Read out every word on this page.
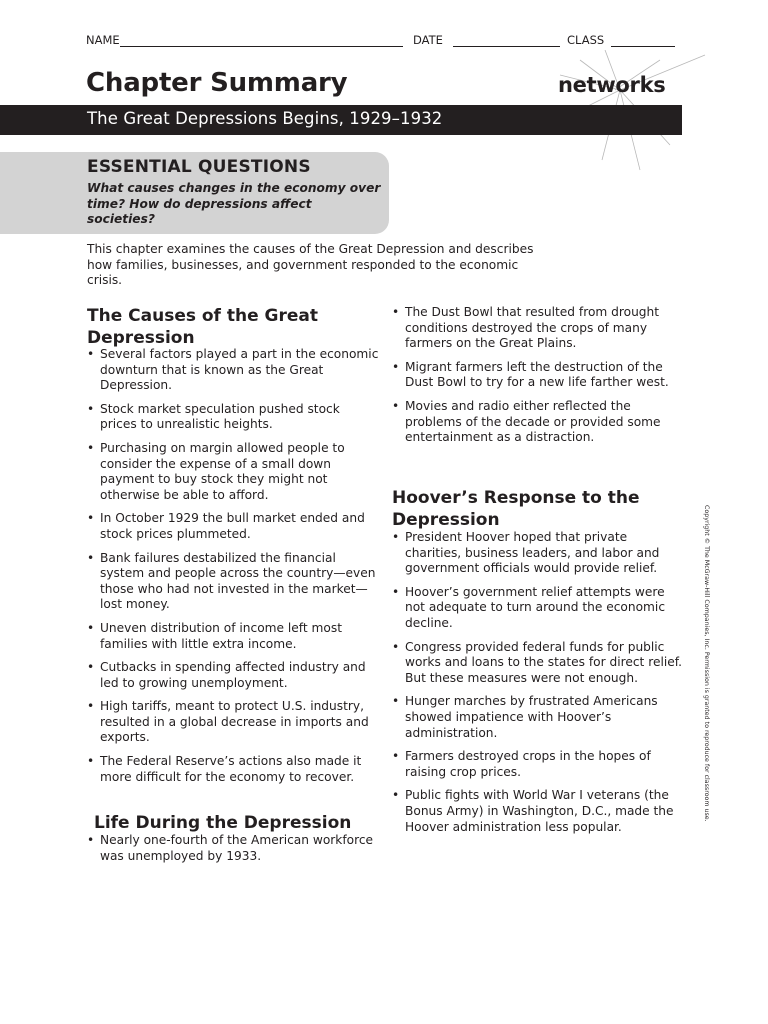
NAME	DATE	CLASS
Chapter Summary	networks
The Great Depressions Begins, 1929–1932
ESSENTIAL QUESTIONS
What causes changes in the economy over time? How do depressions affect societies?
This chapter examines the causes of the Great Depression and describes how families, businesses, and government responded to the economic crisis.
The Causes of the Great Depression
• Several factors played a part in the economic downturn that is known as the Great Depression.
• Stock market speculation pushed stock prices to unrealistic heights.
• Purchasing on margin allowed people to consider the expense of a small down payment to buy stock they might not otherwise be able to afford.
• In October 1929 the bull market ended and stock prices plummeted.
• Bank failures destabilized the financial system and people across the country—even those who had not invested in the market—lost money.
• Uneven distribution of income left most families with little extra income.
• Cutbacks in spending affected industry and led to growing unemployment.
• High tariffs, meant to protect U.S. industry, resulted in a global decrease in imports and exports.
• The Federal Reserve’s actions also made it more difficult for the economy to recover.
Life During the Depression
• Nearly one-fourth of the American workforce was unemployed by 1933.
• The Dust Bowl that resulted from drought conditions destroyed the crops of many farmers on the Great Plains.
• Migrant farmers left the destruction of the Dust Bowl to try for a new life farther west.
• Movies and radio either reflected the problems of the decade or provided some entertainment as a distraction.
Hoover’s Response to the Depression
• President Hoover hoped that private charities, business leaders, and labor and government officials would provide relief.
• Hoover’s government relief attempts were not adequate to turn around the economic decline.
• Congress provided federal funds for public works and loans to the states for direct relief. But these measures were not enough.
• Hunger marches by frustrated Americans showed impatience with Hoover’s administration.
• Farmers destroyed crops in the hopes of raising crop prices.
• Public fights with World War I veterans (the Bonus Army) in Washington, D.C., made the Hoover administration less popular.
Copyright © The McGraw-Hill Companies, Inc. Permission is granted to reproduce for classroom use.
